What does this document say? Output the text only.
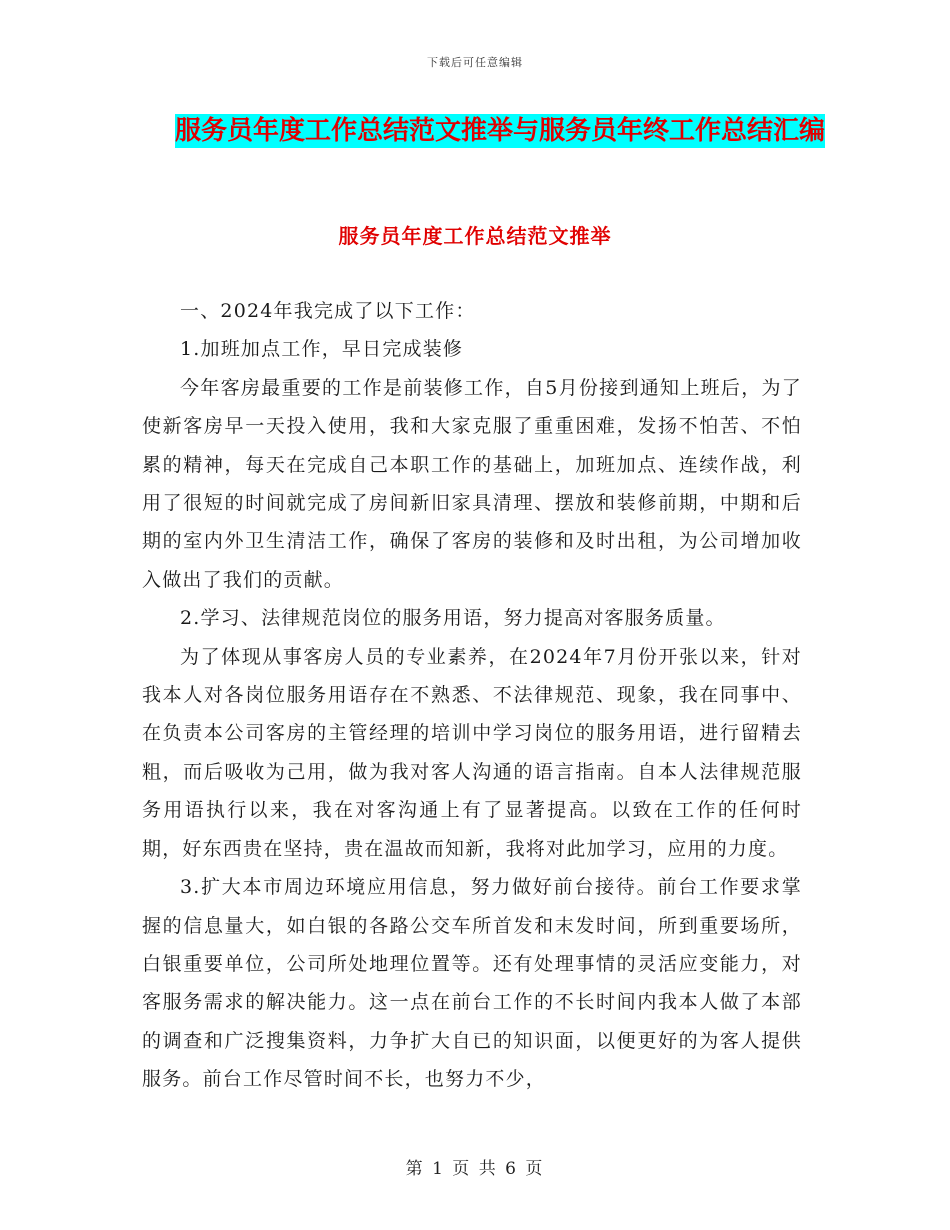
下载后可任意编辑
服务员年度工作总结范文推举与服务员年终工作总结汇编
服务员年度工作总结范文推举

一、2024年我完成了以下工作：

1.加班加点工作，早日完成装修

今年客房最重要的工作是前装修工作，自5月份接到通知上班后，为了使新客房早一天投入使用，我和大家克服了重重困难，发扬不怕苦、不怕累的精神，每天在完成自己本职工作的基础上，加班加点、连续作战，利用了很短的时间就完成了房间新旧家具清理、摆放和装修前期，中期和后期的室内外卫生清洁工作，确保了客房的装修和及时出租，为公司增加收入做出了我们的贡献。

2.学习、法律规范岗位的服务用语，努力提高对客服务质量。

为了体现从事客房人员的专业素养，在2024年7月份开张以来，针对我本人对各岗位服务用语存在不熟悉、不法律规范、现象，我在同事中、在负责本公司客房的主管经理的培训中学习岗位的服务用语，进行留精去粗，而后吸收为己用，做为我对客人沟通的语言指南。自本人法律规范服务用语执行以来，我在对客沟通上有了显著提高。以致在工作的任何时期，好东西贵在坚持，贵在温故而知新，我将对此加学习，应用的力度。

3.扩大本市周边环境应用信息，努力做好前台接待。前台工作要求掌握的信息量大，如白银的各路公交车所首发和末发时间，所到重要场所，白银重要单位，公司所处地理位置等。还有处理事情的灵活应变能力，对客服务需求的解决能力。这一点在前台工作的不长时间内我本人做了本部的调查和广泛搜集资料，力争扩大自已的知识面，以便更好的为客人提供服务。前台工作尽管时间不长，也努力不少，

第 1 页 共 6 页
